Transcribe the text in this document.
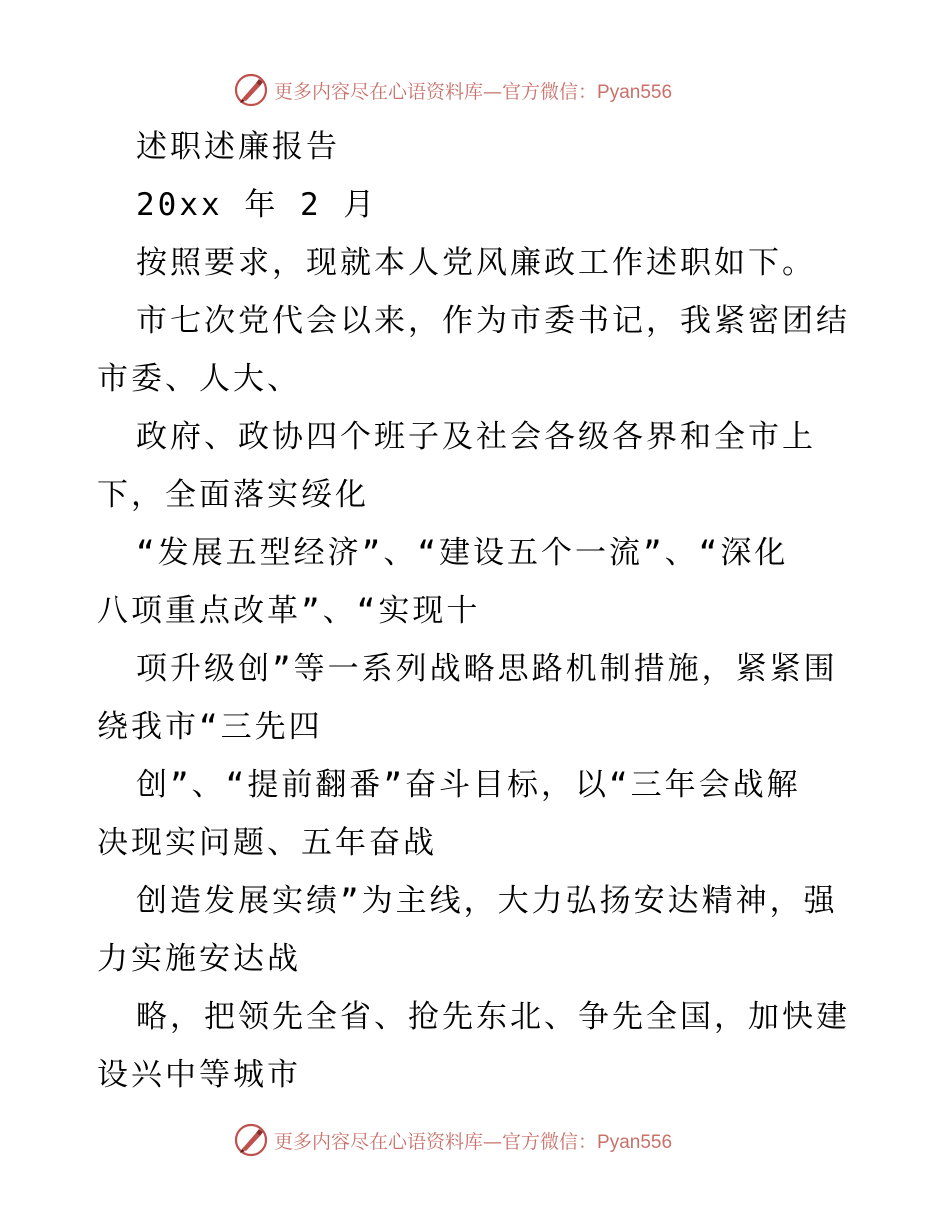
更多内容尽在心语资料库—官方微信：Pyan556

述职述廉报告

20xx 年 2 月

按照要求，现就本人党风廉政工作述职如下。

市七次党代会以来，作为市委书记，我紧密团结

市委、人大、

政府、政协四个班子及社会各级各界和全市上

下，全面落实绥化

“发展五型经济”、“建设五个一流”、“深化

八项重点改革”、“实现十

项升级创”等一系列战略思路机制措施，紧紧围

绕我市“三先四

创”、“提前翻番”奋斗目标，以“三年会战解

决现实问题、五年奋战

创造发展实绩”为主线，大力弘扬安达精神，强

力实施安达战

略，把领先全省、抢先东北、争先全国，加快建

设兴中等城市

更多内容尽在心语资料库—官方微信：Pyan556
